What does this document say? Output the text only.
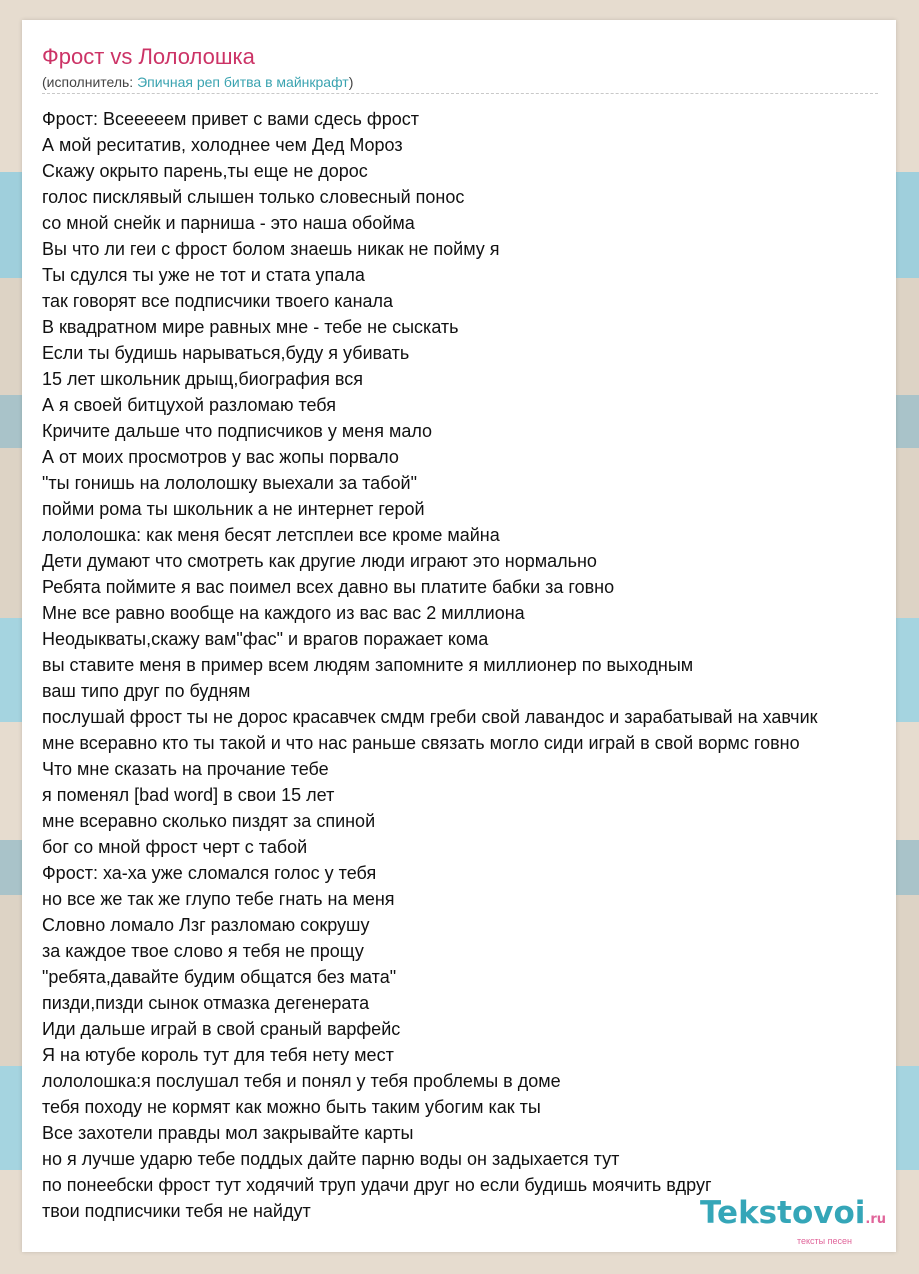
Фрост vs Лололошка
(исполнитель: Эпичная реп битва в майнкрафт)
Фрост: Всееееем привет с вами сдесь фрост
А мой реситатив, холоднее чем Дед Мороз
Скажу окрыто парень,ты еще не дорос
голос писклявый слышен только словесный понос
со мной снейк и парниша - это наша обойма
Вы что ли геи с фрост болом знаешь никак не пойму я
Ты сдулся ты уже не тот и стата упала
так говорят все подписчики твоего канала
В квадратном мире равных мне - тебе не сыскать
Если ты будишь нарываться,буду я убивать
15 лет школьник дрыщ,биография вся
А я своей битцухой разломаю тебя
Кричите дальше что подписчиков у меня мало
А от моих просмотров у вас жопы порвало
"ты гонишь на лололошку выехали за табой"
пойми рома ты школьник а не интернет герой
лололошка: как меня бесят летсплеи все кроме майна
Дети думают что смотреть как другие люди играют это нормально
Ребята поймите я вас поимел всех давно вы платите бабки за говно
Мне все равно вообще на каждого из вас вас 2 миллиона
Неодыкваты,скажу вам"фас" и врагов поражает кома
вы ставите меня в пример всем людям запомните я миллионер по выходным
ваш типо друг по будням
послушай фрост ты не дорос красавчек смдм греби свой лавандос и зарабатывай на хавчик
мне всеравно кто ты такой и что нас раньше связать могло сиди играй в свой вормс говно
Что мне сказать на прочание тебе
я поменял [bad word] в свои 15 лет
мне всеравно сколько пиздят за спиной
бог со мной фрост черт с табой
Фрост: ха-ха уже сломался голос у тебя
но все же так же глупо тебе гнать на меня
Словно ломало Лзг разломаю сокрушу
за каждое твое слово я тебя не прощу
"ребята,давайте будим общатся без мата"
пизди,пизди сынок отмазка дегенерата
Иди дальше играй в свой сраный варфейс
Я на ютубе король тут для тебя нету мест
лололошка:я послушал тебя и понял у тебя проблемы в доме
тебя походу не кормят как можно быть таким убогим как ты
Все захотели правды мол закрывайте карты
но я лучше ударю тебе поддых дайте парню воды он задыхается тут
по понеебски фрост тут ходячий труп удачи друг но если будишь моячить вдруг
твои подписчики тебя не найдут	Tekstovoi.ru
тексты песен
